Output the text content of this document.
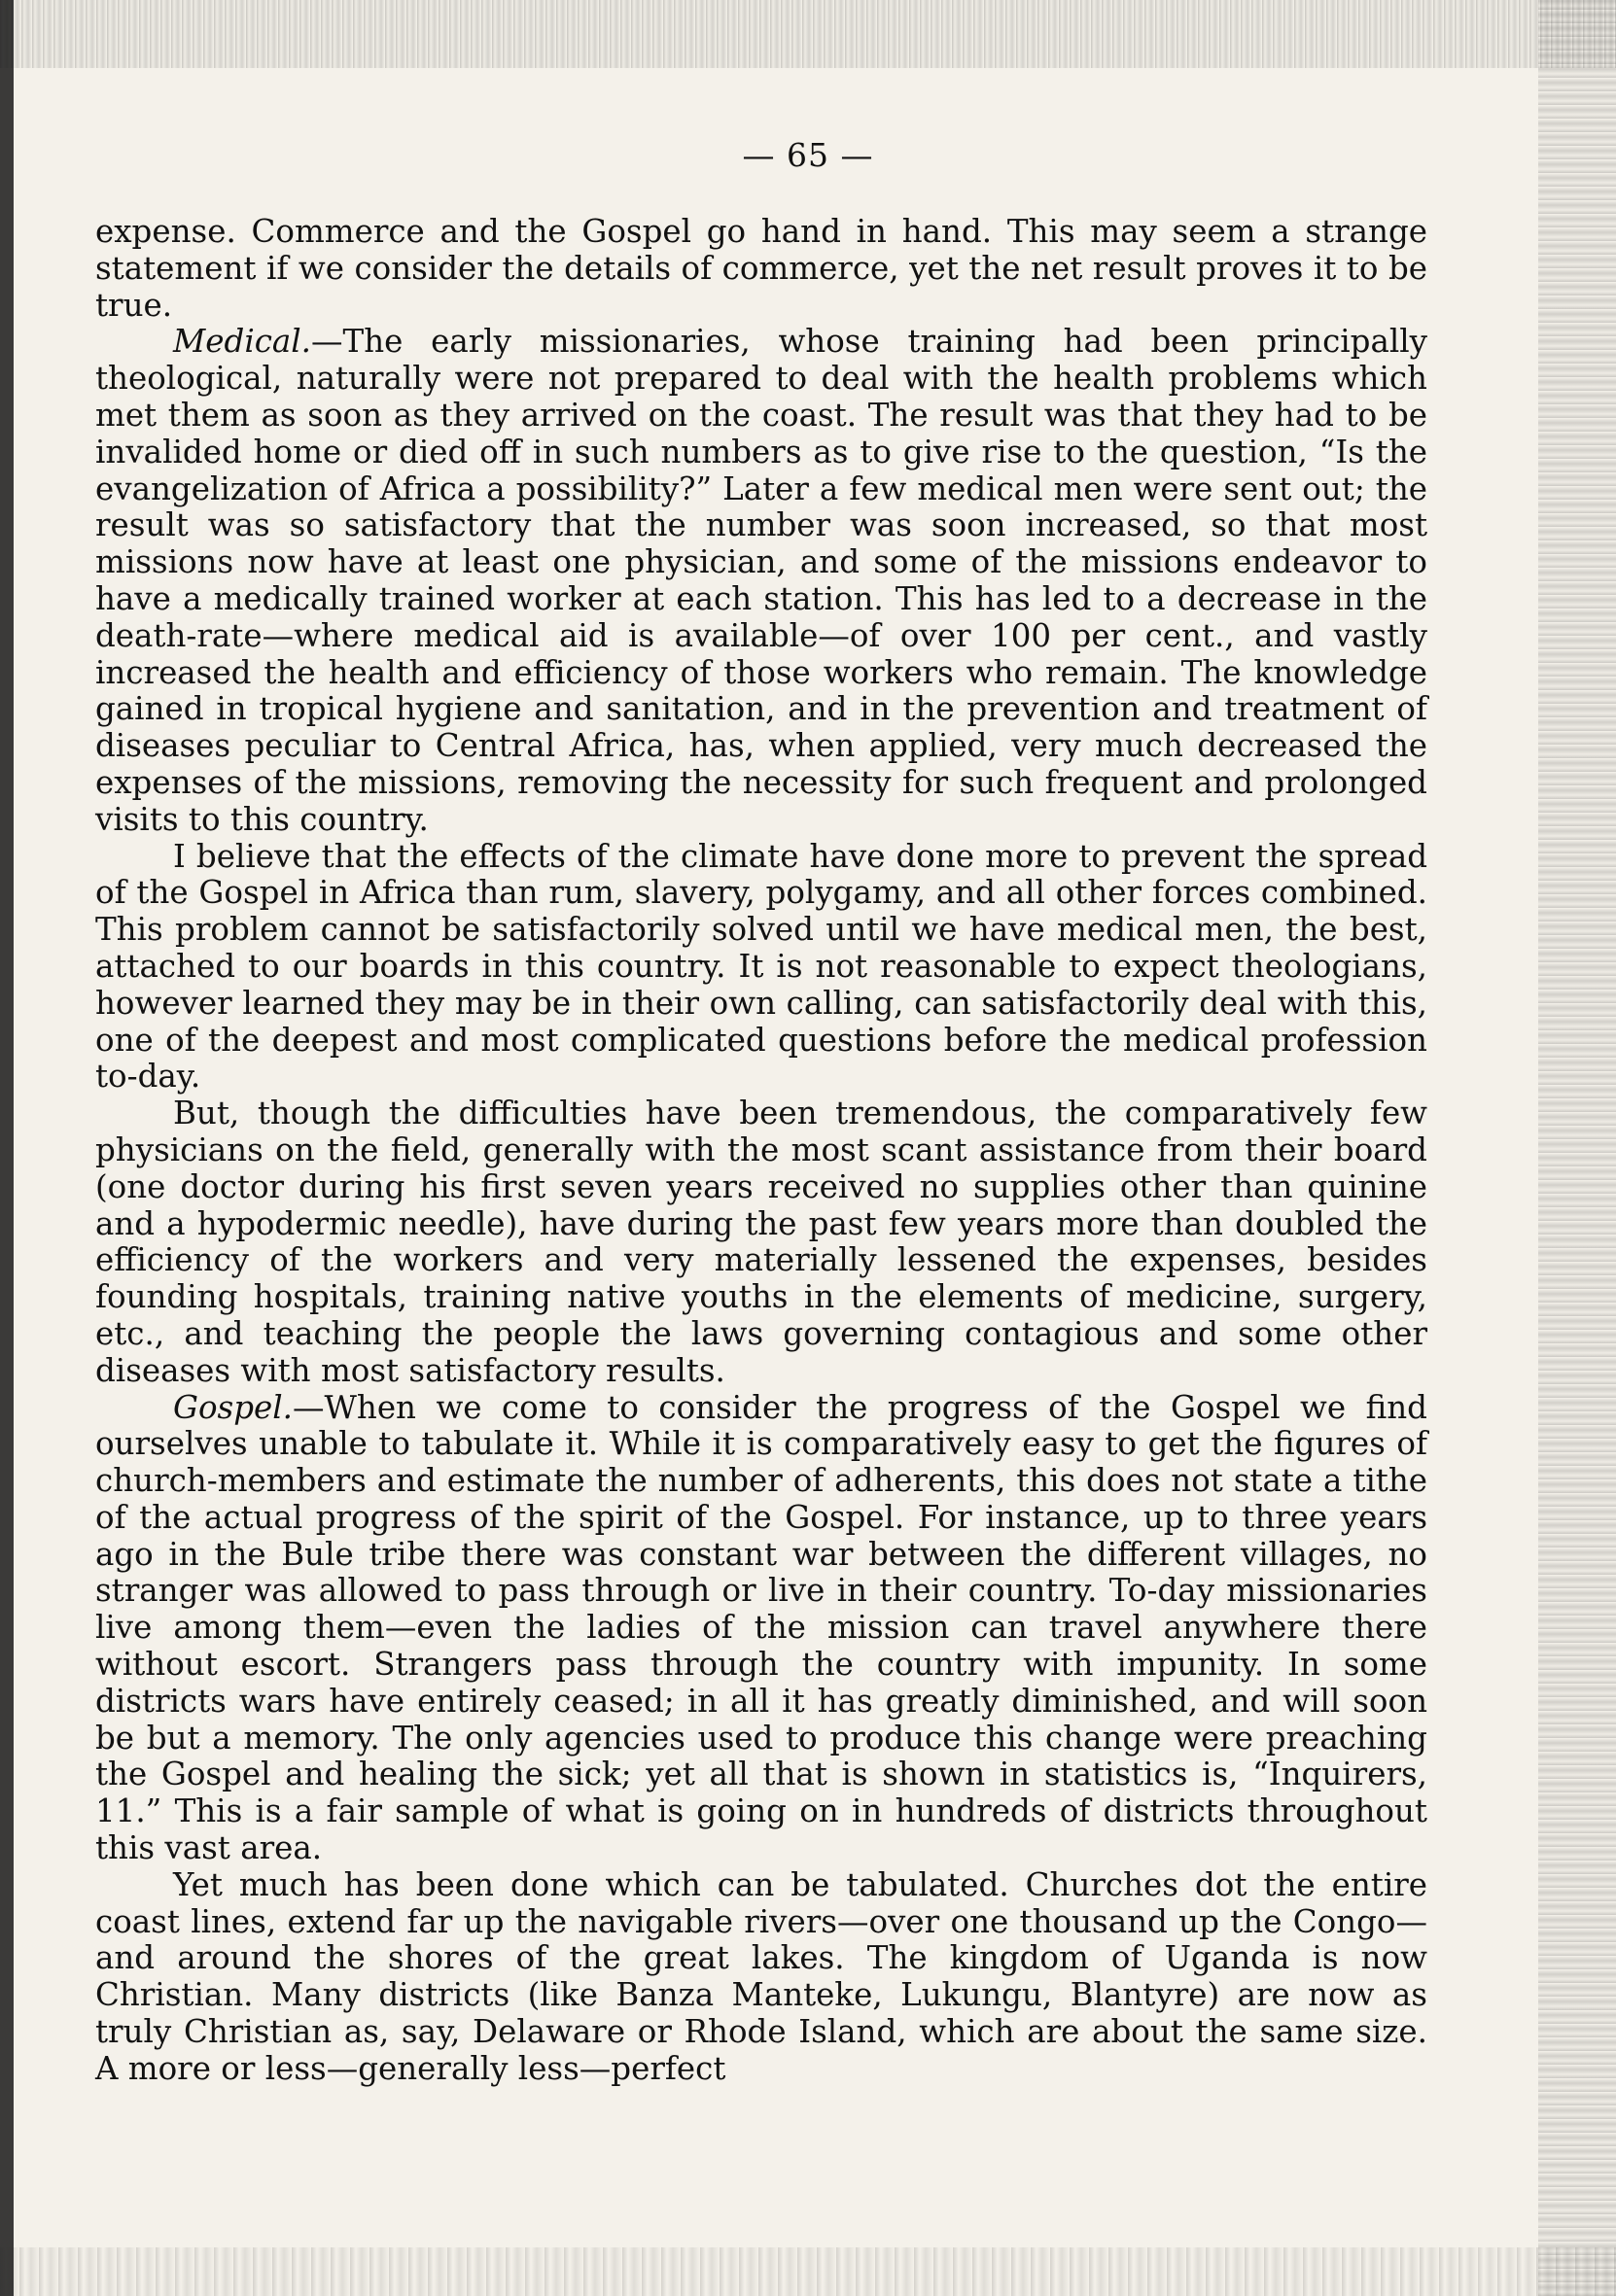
— 65 —

expense. Commerce and the Gospel go hand in hand. This may seem a strange statement if we consider the details of commerce, yet the net result proves it to be true.

Medical.—The early missionaries, whose training had been principally theological, naturally were not prepared to deal with the health problems which met them as soon as they arrived on the coast. The result was that they had to be invalided home or died off in such numbers as to give rise to the question, “Is the evangelization of Africa a possibility?” Later a few medical men were sent out; the result was so satisfactory that the number was soon increased, so that most missions now have at least one physician, and some of the missions endeavor to have a medically trained worker at each station. This has led to a decrease in the death-rate—where medical aid is available—of over 100 per cent., and vastly increased the health and efficiency of those workers who remain. The knowledge gained in tropical hygiene and sanitation, and in the prevention and treatment of diseases peculiar to Central Africa, has, when applied, very much decreased the expenses of the missions, removing the necessity for such frequent and prolonged visits to this country.

I believe that the effects of the climate have done more to prevent the spread of the Gospel in Africa than rum, slavery, polygamy, and all other forces combined. This problem cannot be satisfactorily solved until we have medical men, the best, attached to our boards in this country. It is not reasonable to expect theologians, however learned they may be in their own calling, can satisfactorily deal with this, one of the deepest and most complicated questions before the medical profession to-day.

But, though the difficulties have been tremendous, the comparatively few physicians on the field, generally with the most scant assistance from their board (one doctor during his first seven years received no supplies other than quinine and a hypodermic needle), have during the past few years more than doubled the efficiency of the workers and very materially lessened the expenses, besides founding hospitals, training native youths in the elements of medicine, surgery, etc., and teaching the people the laws governing contagious and some other diseases with most satisfactory results.

Gospel.—When we come to consider the progress of the Gospel we find ourselves unable to tabulate it. While it is comparatively easy to get the figures of church-members and estimate the number of adherents, this does not state a tithe of the actual progress of the spirit of the Gospel. For instance, up to three years ago in the Bule tribe there was constant war between the different villages, no stranger was allowed to pass through or live in their country. To-day missionaries live among them—even the ladies of the mission can travel anywhere there without escort. Strangers pass through the country with impunity. In some districts wars have entirely ceased; in all it has greatly diminished, and will soon be but a memory. The only agencies used to produce this change were preaching the Gospel and healing the sick; yet all that is shown in statistics is, “Inquirers, 11.” This is a fair sample of what is going on in hundreds of districts throughout this vast area.

Yet much has been done which can be tabulated. Churches dot the entire coast lines, extend far up the navigable rivers—over one thousand up the Congo—and around the shores of the great lakes. The kingdom of Uganda is now Christian. Many districts (like Banza Manteke, Lukungu, Blantyre) are now as truly Christian as, say, Delaware or Rhode Island, which are about the same size. A more or less—generally less—perfect
